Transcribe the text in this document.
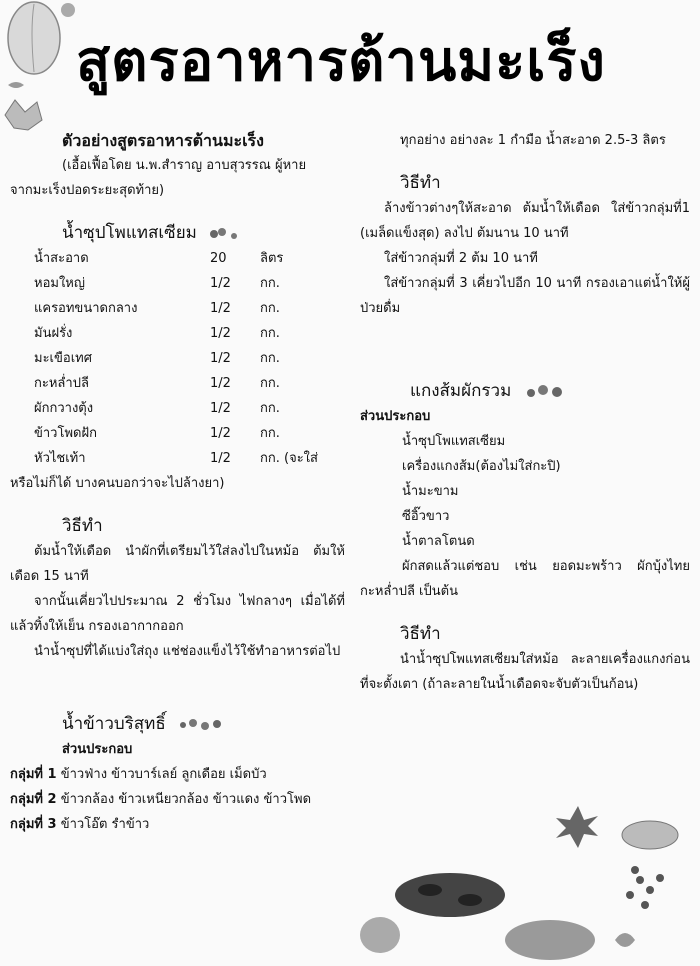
สูตรอาหารต้านมะเร็ง
ตัวอย่างสูตรอาหารต้านมะเร็ง
(เอื้อเฟื้อโดย น.พ.สำราญ อาบสุวรรณ ผู้หาย
จากมะเร็งปอดระยะสุดท้าย)
น้ำซุปโพแทสเซียม
น้ำสะอาด	20	ลิตร
หอมใหญ่	1/2	กก.
แครอทขนาดกลาง	1/2	กก.
มันฝรั่ง	1/2	กก.
มะเขือเทศ	1/2	กก.
กะหล่ำปลี	1/2	กก.
ผักกวางตุ้ง	1/2	กก.
ข้าวโพดฝัก	1/2	กก.
หัวไชเท้า	1/2	กก. (จะใส่
หรือไม่ก็ได้ บางคนบอกว่าจะไปล้างยา)
วิธีทำ
ต้มน้ำให้เดือด นำผักที่เตรียมไว้ใส่ลงไปในหม้อ ต้มให้เดือด 15 นาที
จากนั้นเคี่ยวไปประมาณ 2 ชั่วโมง ไฟกลางๆ เมื่อได้ที่แล้วทิ้งให้เย็น กรองเอากากออก
นำน้ำซุปที่ได้แบ่งใส่ถุง แช่ช่องแข็งไว้ใช้ทำอาหารต่อไป
น้ำข้าวบริสุทธิ์
ส่วนประกอบ
กลุ่มที่ 1 ข้าวฟ่าง ข้าวบาร์เลย์ ลูกเดือย เม็ดบัว
กลุ่มที่ 2 ข้าวกล้อง ข้าวเหนียวกล้อง ข้าวแดง ข้าวโพด
กลุ่มที่ 3 ข้าวโอ๊ต รำข้าว
ทุกอย่าง อย่างละ 1 กำมือ น้ำสะอาด 2.5-3 ลิตร
วิธีทำ
ล้างข้าวต่างๆให้สะอาด ต้มน้ำให้เดือด ใส่ข้าวกลุ่มที่1 (เมล็ดแข็งสุด) ลงไป ต้มนาน 10 นาที
ใส่ข้าวกลุ่มที่ 2 ต้ม 10 นาที
ใส่ข้าวกลุ่มที่ 3 เคี่ยวไปอีก 10 นาที กรองเอาแต่น้ำให้ผู้ป่วยดื่ม
แกงส้มผักรวม
ส่วนประกอบ
น้ำซุปโพแทสเซียม
เครื่องแกงส้ม(ต้องไม่ใส่กะปิ)
น้ำมะขาม
ซีอิ๊วขาว
น้ำตาลโตนด
ผักสดแล้วแต่ชอบ เช่น ยอดมะพร้าว ผักบุ้งไทย กะหล่ำปลี เป็นต้น
วิธีทำ
นำน้ำซุปโพแทสเซียมใส่หม้อ ละลายเครื่องแกงก่อนที่จะตั้งเตา (ถ้าละลายในน้ำเดือดจะจับตัวเป็นก้อน)
